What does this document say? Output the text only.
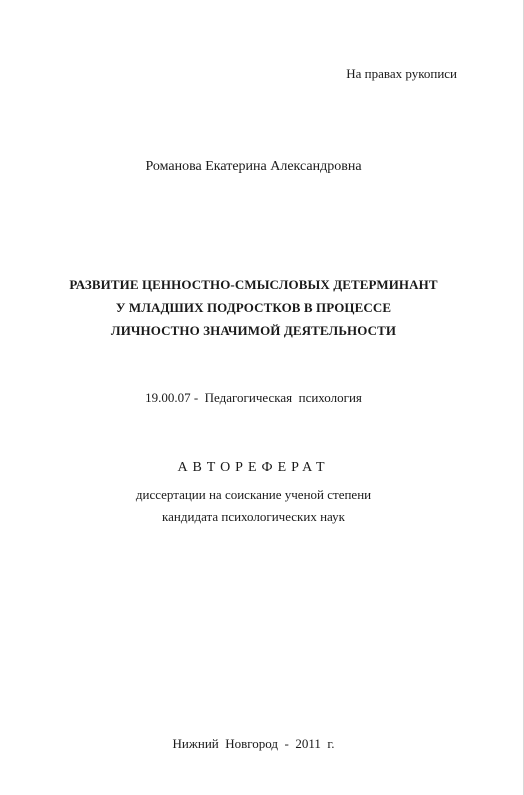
На правах рукописи
Романова Екатерина Александровна
РАЗВИТИЕ ЦЕННОСТНО-СМЫСЛОВЫХ ДЕТЕРМИНАНТ
У МЛАДШИХ ПОДРОСТКОВ В ПРОЦЕССЕ
ЛИЧНОСТНО ЗНАЧИМОЙ ДЕЯТЕЛЬНОСТИ
19.00.07 -  Педагогическая  психология
АВТОРЕФЕРАТ
диссертации на соискание ученой степени
кандидата психологических наук
Нижний  Новгород  -  2011  г.
